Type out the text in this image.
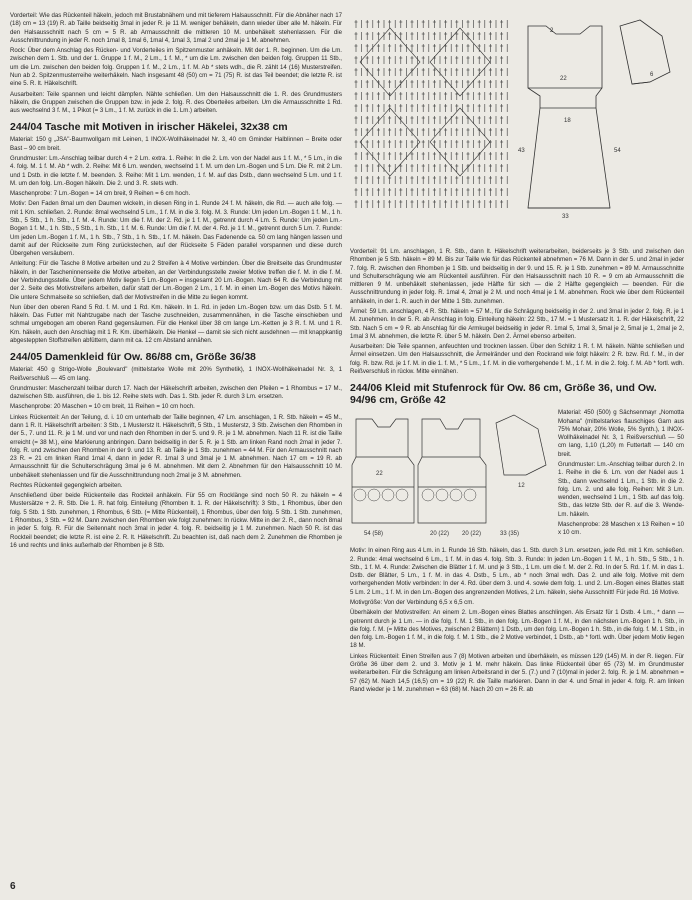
Vorderteil: Wie das Rückenteil häkeln, jedoch mit Brustabnähern und mit tieferem Halsausschnitt. Für die Abnäher nach 17 (18) cm = 13 (19) R. ab Taille beidseitig 3mal in jeder R. je 11 M. weniger behäkeln, dann wieder über alle M. häkeln. Für den Halsausschnitt nach 5 cm = 5 R. ab Armausschnitt die mittleren 10 M. unbehäkelt stehenlassen. Für die Ausschnittrundung in jeder R. noch 1mal 8, 1mal 6, 1mal 4, 1mal 3, 1mal 2 und 2mal je 1 M. abnehmen.

Rock: Über dem Anschlag des Rücken- und Vorderteiles im Spitzenmuster anhäkeln. Mit der 1. R. beginnen. Um die Lm. zwischen dem 1. Stb. und der 1. Gruppe 1 f. M., 2 Lm., 1 f. M., * um die Lm. zwischen den beiden folg. Gruppen 11 Stb., um die Lm. zwischen den beiden folg. Gruppen 1 f. M., 2 Lm., 1 f. M. Ab * stets wdh., die R. zählt 14 (16) Musterstreifen. Nun ab 2. Spitzenmusterreihe weiterhäkeln. Nach insgesamt 48 (50) cm = 71 (75) R. ist das Teil beendet; die letzte R. ist eine 5. R. lt. Häkelschrift.

Ausarbeiten: Teile spannen und leicht dämpfen. Nähte schließen. Um den Halsausschnitt die 1. R. des Grundmusters häkeln, die Gruppen zwischen die Gruppen bzw. in jede 2. folg. R. des Oberteiles arbeiten. Um die Armausschnitte 1 Rd. aus wechselnd 3 f. M., 1 Pikot (= 3 Lm., 1 f. M. zurück in die 1. Lm.) arbeiten.

244/04 Tasche mit Motiven in irischer Häkelei, 32x38 cm

Material: 150 g „JSA"-Baumwollgarn mit Leinen, 1 INOX-Wollhäkelnadel Nr. 3, 40 cm Gminder Halblinnen – Breite oder Bast – 90 cm breit.

Grundmuster: Lm.-Anschlag teilbar durch 4 + 2 Lm. extra. 1. Reihe: In die 2. Lm. von der Nadel aus 1 f. M., * 5 Lm., in die 4. folg. M. 1 f. M. Ab * wdh. 2. Reihe: Mit 6 Lm. wenden, wechselnd 1 f. M. um den Lm.-Bogen und 5 Lm. Die R. mit 2 Lm. und 1 Dstb. in die letzte f. M. beenden. 3. Reihe: Mit 1 Lm. wenden, 1 f. M. auf das Dstb., dann wechselnd 5 Lm. und 1 f. M. um den folg. Lm.-Bogen häkeln. Die 2. und 3. R. stets wdh.

Maschenprobe: 7 Lm.-Bogen = 14 cm breit, 9 Reihen = 6 cm hoch.

Motiv: Den Faden 8mal um den Daumen wickeln, in diesen Ring in 1. Runde 24 f. M. häkeln, die Rd. — auch alle folg. — mit 1 Km. schließen. 2. Runde: 8mal wechselnd 5 Lm., 1 f. M. in die 3. folg. M. 3. Runde: Um jeden Lm.-Bogen 1 f. M., 1 h. Stb., 5 Stb., 1 h. Stb., 1 f. M. 4. Runde: Um die f. M. der 2. Rd. je 1 f. M., getrennt durch 4 Lm. 5. Runde: Um jeden Lm.-Bogen 1 f. M., 1 h. Stb., 5 Stb., 1 h. Stb., 1 f. M. 6. Runde: Um die f. M. der 4. Rd. je 1 f. M., getrennt durch 5 Lm. 7. Runde: Um jeden Lm.-Bogen 1 f. M., 1 h. Stb., 7 Stb., 1 h. Stb., 1 f. M. häkeln. Das Fadenende ca. 50 cm lang hängen lassen und damit auf der Rückseite zum Ring zurückstechen, auf der Rückseite 5 Fäden parallel vorspannen und diese durch Übergehen versäubern.

Anleitung: Für die Tasche 8 Motive arbeiten und zu 2 Streifen à 4 Motive verbinden. Über die Breitseite das Grundmuster häkeln, in der Tascheninnenseite die Motive arbeiten, an der Verbindungsstelle zweier Motive treffen die f. M. in die f. M. der Verbindungsstelle. Über jedem Motiv liegen 5 Lm.-Bogen = insgesamt 20 Lm.-Bogen. Nach 64 R. die Verbindung mit der 2. Seite des Motivstreifens arbeiten, dafür statt der Lm.-Bogen 2 Lm., 1 f. M. in einen Lm.-Bogen des Motivs häkeln. Die untere Schmalseite so schließen, daß der Motivstreifen in die Mitte zu liegen kommt.

Nun über den oberen Rand 5 Rd. f. M. und 1 Rd. Km. häkeln. In 1. Rd. in jeden Lm.-Bogen bzw. um das Dstb. 5 f. M. häkeln. Das Futter mit Nahtzugabe nach der Tasche zuschneiden, zusammennähen, in die Tasche einschieben und schmal umgebogen am oberen Rand gegensäumen. Für die Henkel über 38 cm lange Lm.-Ketten je 3 R. f. M. und 1 R. Km. häkeln, auch den Anschlag mit 1 R. Km. überhäkeln. Die Henkel — damit sie sich nicht ausdehnen — mit knappkantig abgesteppten Stoffstreifen abfüttern, dann mit ca. 12 cm Abstand annähen.

244/05 Damenkleid für Ow. 86/88 cm, Größe 36/38

Material: 450 g Strigo-Wolle „Boulevard" (mittelstarke Wolle mit 20% Synthetik), 1 INOX-Wollhäkelnadel Nr. 3, 1 Reißverschluß — 45 cm lang.

Grundmuster: Maschenzahl teilbar durch 17. Nach der Häkelschrift arbeiten, zwischen den Pfeilen = 1 Rhombus = 17 M., dazwischen Stb. ausführen, die 1. bis 12. Reihe stets wdh. Das 1. Stb. jeder R. durch 3 Lm. ersetzen.

Maschenprobe: 20 Maschen = 10 cm breit, 11 Reihen = 10 cm hoch.

Linkes Rückenteil: An der Teilung, d. i. 10 cm unterhalb der Taille beginnen, 47 Lm. anschlagen, 1 R. Stb. häkeln = 45 M., dann 1 R. lt. Häkelschrift arbeiten: 3 Stb., 1 Musterstz lt. Häkelschrift, 5 Stb., 1 Musterstz, 3 Stb. Zwischen den Rhomben in der 5., 7. und 11. R. je 1 M. und vor und nach den Rhomben in der 5. und 9. R. je 1 M. abnehmen. Nach 11 R. ist die Taille erreicht (= 38 M.), eine Markierung anbringen. Dann beidseitig in der 5. R. je 1 Stb. am linken Rand noch 2mal in jeder 7. folg. R. und zwischen den Rhomben in der 9. und 13. R. ab Taille je 1 Stb. zunehmen = 44 M. Für den Armausschnitt nach 23 R. = 21 cm linken Rand 1mal 4, dann in jeder R. 1mal 3 und 3mal je 1 M. abnehmen. Nach 17 cm = 19 R. ab Armausschnitt für die Schulterschrägung 3mal je 6 M. abnehmen. Mit dem 2. Abnehmen für den Halsausschnitt 10 M. unbehäkelt stehenlassen und für die Ausschnittrundung noch 2mal je 3 M. abnehmen.

Rechtes Rückenteil gegengleich arbeiten.

Anschließend über beide Rückenteile das Rockteil anhäkeln. Für 55 cm Rocklänge sind noch 50 R. zu häkeln = 4 Mustersätze + 2. R. Stb. Die 1. R. hat folg. Einteilung (Rhomben lt. 1. R. der Häkelschrift): 3 Stb., 1 Rhombus, über den folg. 5 Stb. 1 Stb. zunehmen, 1 Rhombus, 6 Stb. (= Mitte Rückenteil), 1 Rhombus, über den folg. 5 Stb. 1 Stb. zunehmen, 1 Rhombus, 3 Stb. = 92 M. Dann zwischen den Rhomben wie folgt zunehmen: In rückw. Mitte in der 2. R., dann noch 8mal in jeder 5. folg. R. Für die Seitennaht noch 3mal in jeder 4. folg. R. beidseitig je 1 M. zunehmen. Nach 50 R. ist das Rockteil beendet; die letzte R. ist eine 2. R. lt. Häkelschrift. Zu beachten ist, daß nach dem 2. Zunehmen die Rhomben je 16 und rechts und links außerhalb der Rhomben je 8 Stb.

22
18
6
33
2
43	54

Vorderteil: 91 Lm. anschlagen, 1 R. Stb., dann lt. Häkelschrift weiterarbeiten, beiderseits je 3 Stb. und zwischen den Rhomben je 5 Stb. häkeln = 89 M. Bis zur Taille wie für das Rückenteil abnehmen = 76 M. Dann in der 5. und 2mal in jeder 7. folg. R. zwischen den Rhomben je 1 Stb. und beidseitig in der 9. und 15. R. je 1 Stb. zunehmen = 89 M. Armausschnitte und Schulterschrägung wie am Rückenteil ausführen. Für den Halsausschnitt nach 10 R. = 9 cm ab Armausschnitt die mittleren 9 M. unbehäkelt stehenlassen, jede Hälfte für sich — die 2 Hälfte gegengleich — beenden. Für die Ausschnittrundung in jeder folg. R. 1mal 4, 2mal je 2 M. und noch 4mal je 1 M. abnehmen. Rock wie über dem Rückenteil anhäkeln, in der 1. R. auch in der Mitte 1 Stb. zunehmen.

Ärmel: 59 Lm. anschlagen, 4 R. Stb. häkeln = 57 M., für die Schrägung beidseitig in der 2. und 3mal in jeder 2. folg. R. je 1 M. zunehmen. In der 5. R. ab Anschlag in folg. Einteilung häkeln: 22 Stb., 17 M. = 1 Mustersatz lt. 1. R. der Häkelschrift, 22 Stb. Nach 5 cm = 9 R. ab Anschlag für die Armkugel beidseitig in jeder R. 1mal 5, 1mal 3, 5mal je 2, 5mal je 1, 2mal je 2, 1mal 3 M. abnehmen, die letzte R. über 5 M. häkeln. Den 2. Ärmel ebenso arbeiten.

Ausarbeiten: Die Teile spannen, anfeuchten und trocknen lassen. Über den Schlitz 1 R. f. M. häkeln. Nähte schließen und Ärmel einsetzen. Um den Halsausschnitt, die Ärmelränder und den Rockrand wie folgt häkeln: 2 R. bzw. Rd. f. M., in der folg. R. bzw. Rd. je 1 f. M. in die 1. f. M., * 5 Lm., 1 f. M. in die vorhergehende f. M., 1 f. M. in die 2. folg. f. M. Ab * fortl. wdh. Reißverschluß in rückw. Mitte einnähen.

244/06 Kleid mit Stufenrock für Ow. 86 cm, Größe 36, und Ow. 94/96 cm, Größe 42
54 (58)
22
12
20 (22) 20 (22)	33 (35)

Material: 450 (500) g Sächsenmayr „Nomotta Mohana" (mittelstarkes flauschiges Garn aus 75% Mohair, 20% Wolle, 5% Synth.), 1 INOX-Wollhäkelnadel Nr. 3, 1 Reißverschluß — 50 cm lang, 1,10 (1,20) m Futtertaft — 140 cm breit.

Grundmuster: Lm.-Anschlag teilbar durch 2. In 1. Reihe in die 6. Lm. von der Nadel aus 1 Stb., dann wechselnd 1 Lm., 1 Stb. in die 2. folg. Lm. 2. und alle folg. Reihen: Mit 3 Lm. wenden, wechselnd 1 Lm., 1 Stb. auf das folg. Stb., das letzte Stb. der R. auf die 3. Wende-Lm. häkeln.

Maschenprobe: 28 Maschen x 13 Reihen = 10 x 10 cm.

Motiv: In einen Ring aus 4 Lm. in 1. Runde 16 Stb. häkeln, das 1. Stb. durch 3 Lm. ersetzen, jede Rd. mit 1 Km. schließen. 2. Runde: 4mal wechselnd 6 Lm., 1 f. M. in das 4. folg. Stb. 3. Runde: In jeden Lm.-Bogen 1 f. M., 1 h. Stb., 5 Stb., 1 h. Stb., 1 f. M. 4. Runde: Zwischen die Blätter 1 f. M. und je 3 Stb., 1 Lm. um die f. M. der 2. Rd. In der 5. Rd. 1 f. M. in das 1. Dstb. der Blätter, 5 Lm., 1 f. M. in das 4. Dstb., 5 Lm., ab * noch 3mal wdh. Das 2. und alle folg. Motive mit dem vorhergehenden Motiv verbinden: In der 4. Rd. über dem 3. und 4. sowie dem folg. 1. und 2. Lm.-Bogen eines Blattes statt 5 Lm. 2 Lm., 1 f. M. in den Lm.-Bogen des angrenzenden Motives, 2 Lm. häkeln, siehe Ausschnitt! Für jede Rd. 16 Motive.

Motivgröße: Von der Verbindung 6,5 x 6,5 cm.

Überhäkeln der Motivstreifen: An einem 2. Lm.-Bogen eines Blattes anschlingen. Als Ersatz für 1 Dstb. 4 Lm., * dann — getrennt durch je 1 Lm. — in die folg. f. M. 1 Stb., in den folg. Lm.-Bogen 1 f. M., in den nächsten Lm.-Bogen 1 h. Stb., in die folg. f. M. (= Mitte des Motives, zwischen 2 Blättern) 1 Dstb., um den folg. Lm.-Bogen 1 h. Stb., in die folg. f. M. 1 Stb., in den folg. Lm.-Bogen 1 f. M., in die folg. f. M. 1 Stb., die 2 Motive verbindet, 1 Dstb., ab * fortl. wdh. Über jedem Motiv liegen 18 M.

Linkes Rückenteil: Einen Streifen aus 7 (8) Motiven arbeiten und überhäkeln, es müssen 129 (145) M. in der R. liegen. Für Größe 36 über dem 2. und 3. Motiv je 1 M. mehr häkeln. Das linke Rückenteil über 65 (73) M. im Grundmuster weiterarbeiten. Für die Schrägung am linken Arbeitsrand in der 5. (7.) und 7 (10)mal in jeder 2. folg. R. je 1 M. abnehmen = 57 (62) M. Nach 14,5 (16,5) cm = 19 (22) R. die Taille markieren. Dann in der 4. und 5mal in jeder 4. folg. R. am linken Rand wieder je 1 M. zunehmen = 63 (68) M. Nach 20 cm = 26 R. ab

6
